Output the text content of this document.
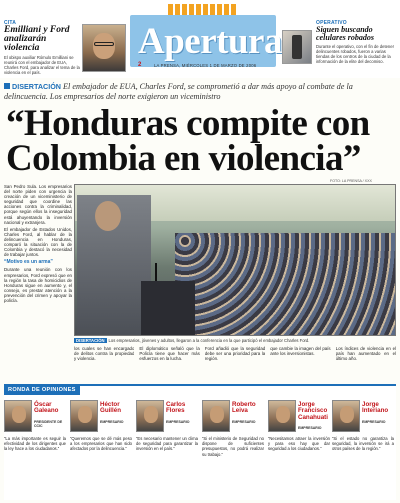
CITA
Emilliani y Ford analizarán violencia
El obispo auxiliar Rómulo Emilliani se reunirá con el embajador de EUA, Charles Ford, para analizar el tema de la violencia en el país.
Apertura
2	LA PRENSA, MIÉRCOLES 1 DE MARZO DE 2006
OPERATIVO
Siguen buscando celulares robados
Durante el operativo, con el fin de detener delincuentes robados, fueron a varias tiendas de los centros de la ciudad de la información de la elite del decomiso.
DISERTACIÓN El embajador de EUA, Charles Ford, se comprometió a dar más apoyo al combate de la delincuencia. Los empresarios del norte exigieron un viceministro
“Honduras compite con Colombia en violencia”
FOTO: LA PRENSA / XXX

San Pedro Sula. Los empresarios del norte piden con urgencia la creación de un viceministerio de seguridad que coordine las acciones contra la criminalidad, porque según ellos la inseguridad está ahuyentando la inversión nacional y extranjera.

El embajador de Estados Unidos, Charles Ford, al hablar de la delincuencia en Honduras, comparó la situación con la de Colombia y destacó la necesidad de trabajar juntos.

“Motivo es un arma”

Durante una reunión con los empresarios, Ford expresó que en la región la tasa de homicidios de Honduras sigue en aumento y, el consejo, es prestar atención a la prevención del crimen y apoyar la policía.

DISERTACIÓN Los empresarios, jóvenes y adultos, llegaron a la conferencia en la que participó el embajador Charles Ford.
los cuales se han encargado de delitos contra la propiedad y violencia.
El diplomático señaló que la Policía tiene que hacer más esfuerzos en la lucha.
Ford añadió que la seguridad debe ser una prioridad para la región.
que cambie la imagen del país ante los inversionistas.
Los índices de violencia en el país han aumentado en el último año.
RONDA DE OPINIONES
Óscar Galeano
PRESIDENTE DE CCIC
“La más importante es seguir la efectividad de los dirigentes que la ley hace a los ciudadanos.”
Héctor Guillén
EMPRESARIO
“Queremos que se dé más peso a los empresarios que han sido afectados por la delincuencia.”
Carlos Flores
EMPRESARIO
“Es necesario mantener un clima de seguridad para garantizar la inversión en el país.”
Roberto Leiva
EMPRESARIO
“Si el ministerio de Seguridad no dispone de suficientes presupuestos, no podrá realizar su trabajo.”
Jorge Francisco Canahuati
EMPRESARIO
“Necesitamos atraer la inversión y para eso hay que dar seguridad a los ciudadanos.”
Jorge Interiano
EMPRESARIO
“Si el estado no garantiza la seguridad, la inversión se irá a otros países de la región.”
